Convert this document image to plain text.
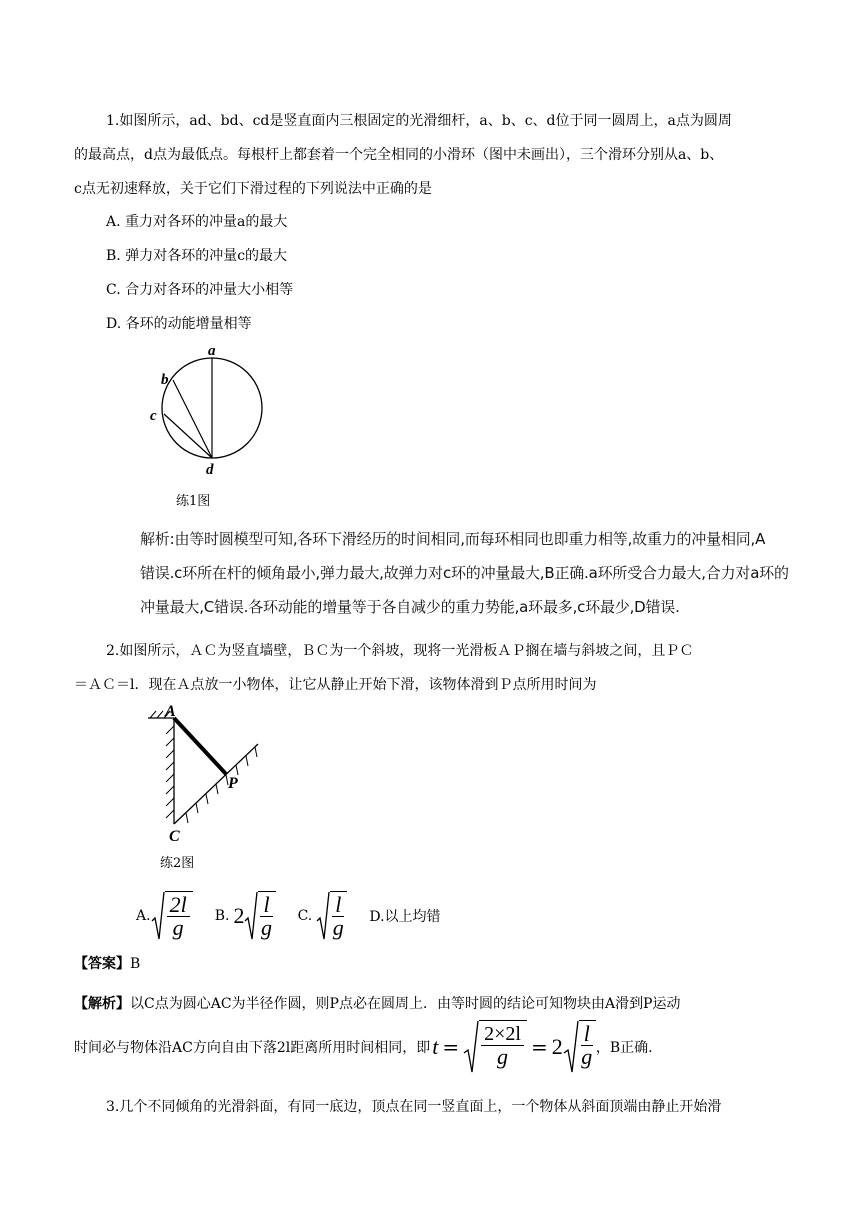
1.如图所示，ad、bd、cd是竖直面内三根固定的光滑细杆，a、b、c、d位于同一圆周上，a点为圆周
的最高点，d点为最低点。每根杆上都套着一个完全相同的小滑环（图中未画出），三个滑环分别从a、b、
c点无初速释放，关于它们下滑过程的下列说法中正确的是
A. 重力对各环的冲量a的最大
B. 弹力对各环的冲量c的最大
C. 合力对各环的冲量大小相等
D. 各环的动能增量相等
a
b
c
d
练1图
解析:由等时圆模型可知,各环下滑经历的时间相同,而每环相同也即重力相等,故重力的冲量相同,A
错误.c环所在杆的倾角最小,弹力最大,故弹力对c环的冲量最大,B正确.a环所受合力最大,合力对a环的
冲量最大,C错误.各环动能的增量等于各自减少的重力势能,a环最多,c环最少,D错误.
2.如图所示，ＡＣ为竖直墙壁，ＢＣ为一个斜坡，现将一光滑板ＡＰ搁在墙与斜坡之间，且ＰＣ
＝ＡＣ＝l．现在Ａ点放一小物体，让它从静止开始下滑，该物体滑到Ｐ点所用时间为
A
P
C
练2图
A. $\frac{2l}{g} B$. $2 \frac{l}{g} C$. $\frac{l}{g} D$.以上均错
【答案】B
【解析】以C点为圆心AC为半径作圆，则P点必在圆周上．由等时圆的结论可知物块由A滑到P运动
时间必与物体沿AC方向自由下落2l距离所用时间相同，即 $t = \frac{2\times 2l}{g} = 2 \frac{l}{g}$ ，B正确.
3.几个不同倾角的光滑斜面，有同一底边，顶点在同一竖直面上，一个物体从斜面顶端由静止开始滑
